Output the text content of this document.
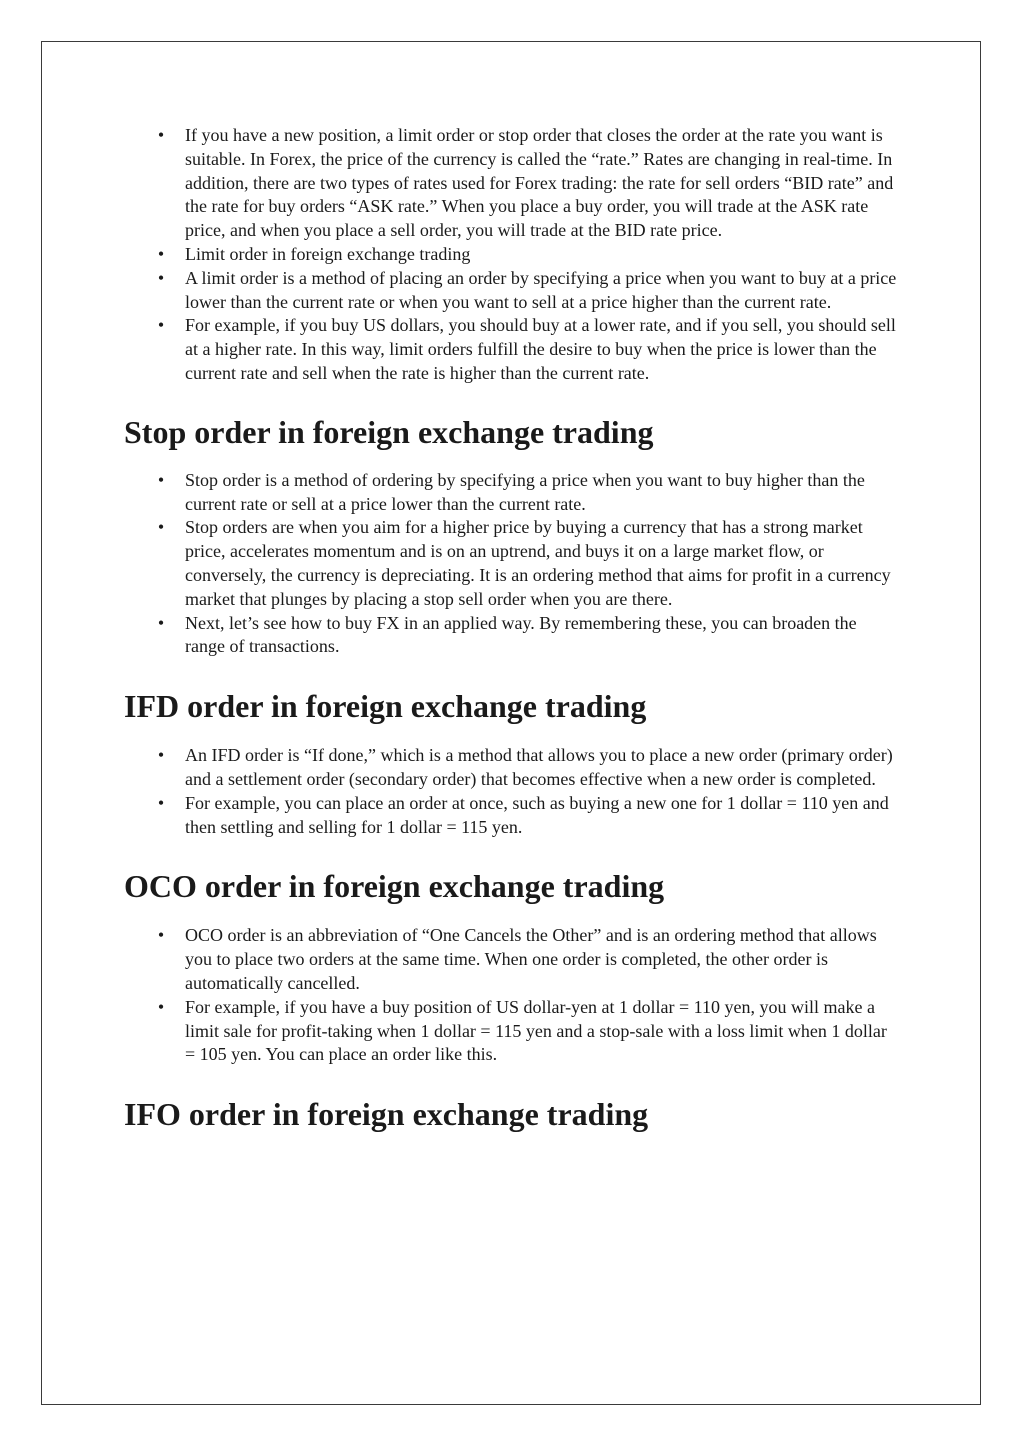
• If you have a new position, a limit order or stop order that closes the order at the rate you want is suitable. In Forex, the price of the currency is called the “rate.” Rates are changing in real-time. In addition, there are two types of rates used for Forex trading: the rate for sell orders “BID rate” and the rate for buy orders “ASK rate.” When you place a buy order, you will trade at the ASK rate price, and when you place a sell order, you will trade at the BID rate price.
• Limit order in foreign exchange trading
• A limit order is a method of placing an order by specifying a price when you want to buy at a price lower than the current rate or when you want to sell at a price higher than the current rate.
• For example, if you buy US dollars, you should buy at a lower rate, and if you sell, you should sell at a higher rate. In this way, limit orders fulfill the desire to buy when the price is lower than the current rate and sell when the rate is higher than the current rate.
Stop order in foreign exchange trading
• Stop order is a method of ordering by specifying a price when you want to buy higher than the current rate or sell at a price lower than the current rate.
• Stop orders are when you aim for a higher price by buying a currency that has a strong market price, accelerates momentum and is on an uptrend, and buys it on a large market flow, or conversely, the currency is depreciating. It is an ordering method that aims for profit in a currency market that plunges by placing a stop sell order when you are there.
• Next, let’s see how to buy FX in an applied way. By remembering these, you can broaden the range of transactions.
IFD order in foreign exchange trading
• An IFD order is “If done,” which is a method that allows you to place a new order (primary order) and a settlement order (secondary order) that becomes effective when a new order is completed.
• For example, you can place an order at once, such as buying a new one for 1 dollar = 110 yen and then settling and selling for 1 dollar = 115 yen.
OCO order in foreign exchange trading
• OCO order is an abbreviation of “One Cancels the Other” and is an ordering method that allows you to place two orders at the same time. When one order is completed, the other order is automatically cancelled.
• For example, if you have a buy position of US dollar-yen at 1 dollar = 110 yen, you will make a limit sale for profit-taking when 1 dollar = 115 yen and a stop-sale with a loss limit when 1 dollar = 105 yen. You can place an order like this.
IFO order in foreign exchange trading
